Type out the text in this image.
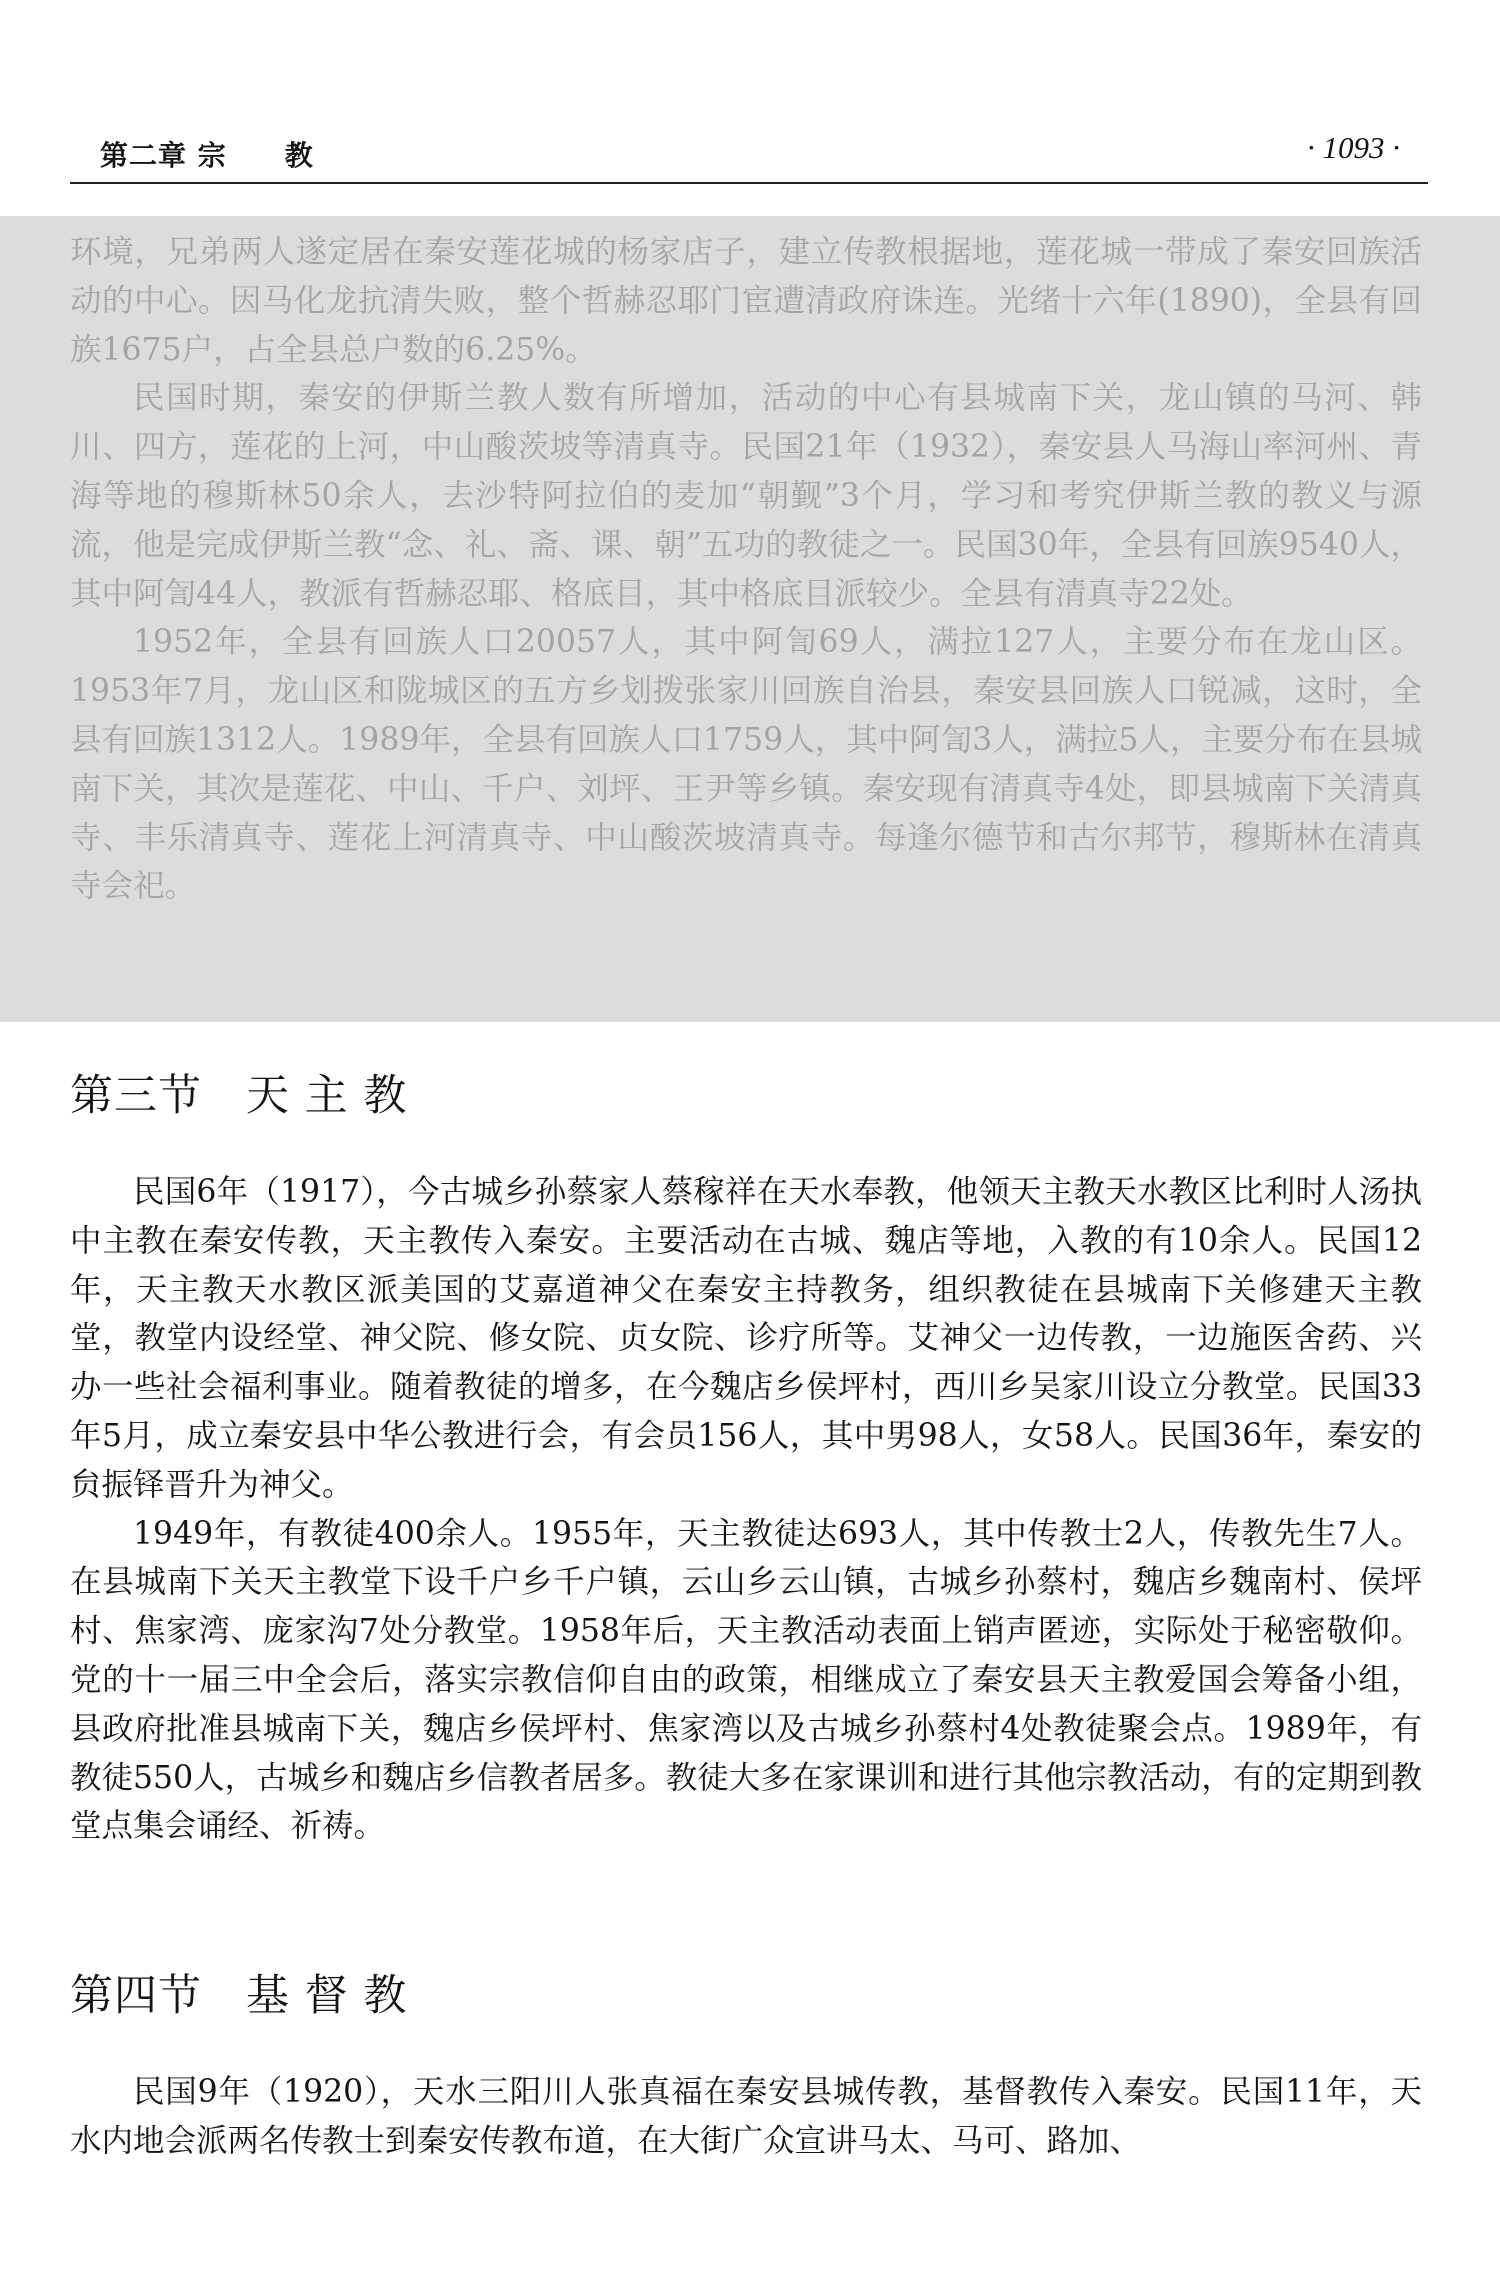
第二章 宗　　教	· 1093 ·

环境，兄弟两人遂定居在秦安莲花城的杨家店子，建立传教根据地，莲花城一带成了秦安回族活动的中心。因马化龙抗清失败，整个哲赫忍耶门宦遭清政府诛连。光绪十六年(1890)，全县有回族1675户，占全县总户数的6.25%。

民国时期，秦安的伊斯兰教人数有所增加，活动的中心有县城南下关，龙山镇的马河、韩川、四方，莲花的上河，中山酸茨坡等清真寺。民国21年（1932），秦安县人马海山率河州、青海等地的穆斯林50余人，去沙特阿拉伯的麦加“朝觐”3个月，学习和考究伊斯兰教的教义与源流，他是完成伊斯兰教“念、礼、斋、课、朝”五功的教徒之一。民国30年，全县有回族9540人，其中阿訇44人，教派有哲赫忍耶、格底目，其中格底目派较少。全县有清真寺22处。

1952年，全县有回族人口20057人，其中阿訇69人，满拉127人，主要分布在龙山区。1953年7月，龙山区和陇城区的五方乡划拨张家川回族自治县，秦安县回族人口锐减，这时，全县有回族1312人。1989年，全县有回族人口1759人，其中阿訇3人，满拉5人，主要分布在县城南下关，其次是莲花、中山、千户、刘坪、王尹等乡镇。秦安现有清真寺4处，即县城南下关清真寺、丰乐清真寺、莲花上河清真寺、中山酸茨坡清真寺。每逢尔德节和古尔邦节，穆斯林在清真寺会祀。

第三节　天 主 教

民国6年（1917），今古城乡孙蔡家人蔡稼祥在天水奉教，他领天主教天水教区比利时人汤执中主教在秦安传教，天主教传入秦安。主要活动在古城、魏店等地，入教的有10余人。民国12年，天主教天水教区派美国的艾嘉道神父在秦安主持教务，组织教徒在县城南下关修建天主教堂，教堂内设经堂、神父院、修女院、贞女院、诊疗所等。艾神父一边传教，一边施医舍药、兴办一些社会福利事业。随着教徒的增多，在今魏店乡侯坪村，西川乡吴家川设立分教堂。民国33年5月，成立秦安县中华公教进行会，有会员156人，其中男98人，女58人。民国36年，秦安的贠振铎晋升为神父。

1949年，有教徒400余人。1955年，天主教徒达693人，其中传教士2人，传教先生7人。在县城南下关天主教堂下设千户乡千户镇，云山乡云山镇，古城乡孙蔡村，魏店乡魏南村、侯坪村、焦家湾、庞家沟7处分教堂。1958年后，天主教活动表面上销声匿迹，实际处于秘密敬仰。党的十一届三中全会后，落实宗教信仰自由的政策，相继成立了秦安县天主教爱国会筹备小组，县政府批准县城南下关，魏店乡侯坪村、焦家湾以及古城乡孙蔡村4处教徒聚会点。1989年，有教徒550人，古城乡和魏店乡信教者居多。教徒大多在家课训和进行其他宗教活动，有的定期到教堂点集会诵经、祈祷。

第四节　基 督 教

民国9年（1920），天水三阳川人张真福在秦安县城传教，基督教传入秦安。民国11年，天水内地会派两名传教士到秦安传教布道，在大街广众宣讲马太、马可、路加、
